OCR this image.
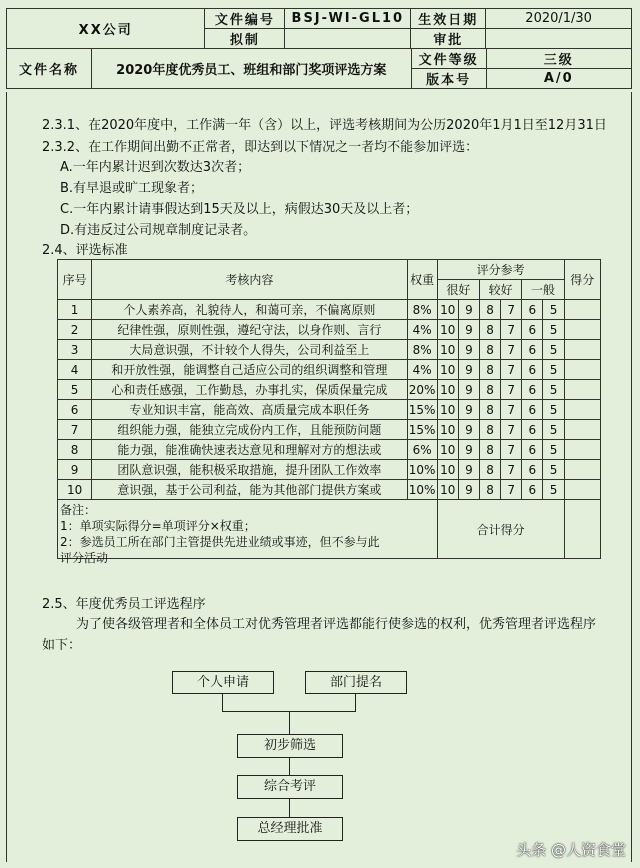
XX公司	文件编号	BSJ-WI-GL10	生效日期	2020/1/30
	拟制		审批	
文件名称	2020年度优秀员工、班组和部门奖项评选方案	文件等级	三级
		版本号	A/0
2.3.1、在2020年度中，工作满一年（含）以上，评选考核期间为公历2020年1月1日至12月31日
2.3.2、在工作期间出勤不正常者，即达到以下情况之一者均不能参加评选：
A.一年内累计迟到次数达3次者；
B.有早退或旷工现象者；
C.一年内累计请事假达到15天及以上，病假达30天及以上者；
D.有违反过公司规章制度记录者。
2.4、评选标准
序号	考核内容	权重	评分参考						得分
			很好		较好		一般		
1	个人素养高，礼貌待人，和蔼可亲，不偏离原则	8%	10	9	8	7	6	5	
2	纪律性强，原则性强，遵纪守法，以身作则、言行	4%	10	9	8	7	6	5	
3	大局意识强，不计较个人得失，公司利益至上	8%	10	9	8	7	6	5	
4	和开放性强，能调整自己适应公司的组织调整和管理	4%	10	9	8	7	6	5	
5	心和责任感强，工作勤恳，办事扎实，保质保量完成	20%	10	9	8	7	6	5	
6	专业知识丰富，能高效、高质量完成本职任务	15%	10	9	8	7	6	5	
7	组织能力强，能独立完成份内工作，且能预防问题	15%	10	9	8	7	6	5	
8	能力强，能准确快速表达意见和理解对方的想法或	6%	10	9	8	7	6	5	
9	团队意识强，能积极采取措施，提升团队工作效率	10%	10	9	8	7	6	5	
10	意识强，基于公司利益，能为其他部门提供方案或	10%	10	9	8	7	6	5	

备注：
1：单项实际得分=单项评分×权重；
2：参选员工所在部门主管提供先进业绩或事迹，但不参与此
评分活动			合计得分						
2.5、年度优秀员工评选程序
为了使各级管理者和全体员工对优秀管理者评选都能行使参选的权利，优秀管理者评选程序
如下：
个人申请	部门提名
初步筛选
综合考评
总经理批准
头条 @人资食堂
